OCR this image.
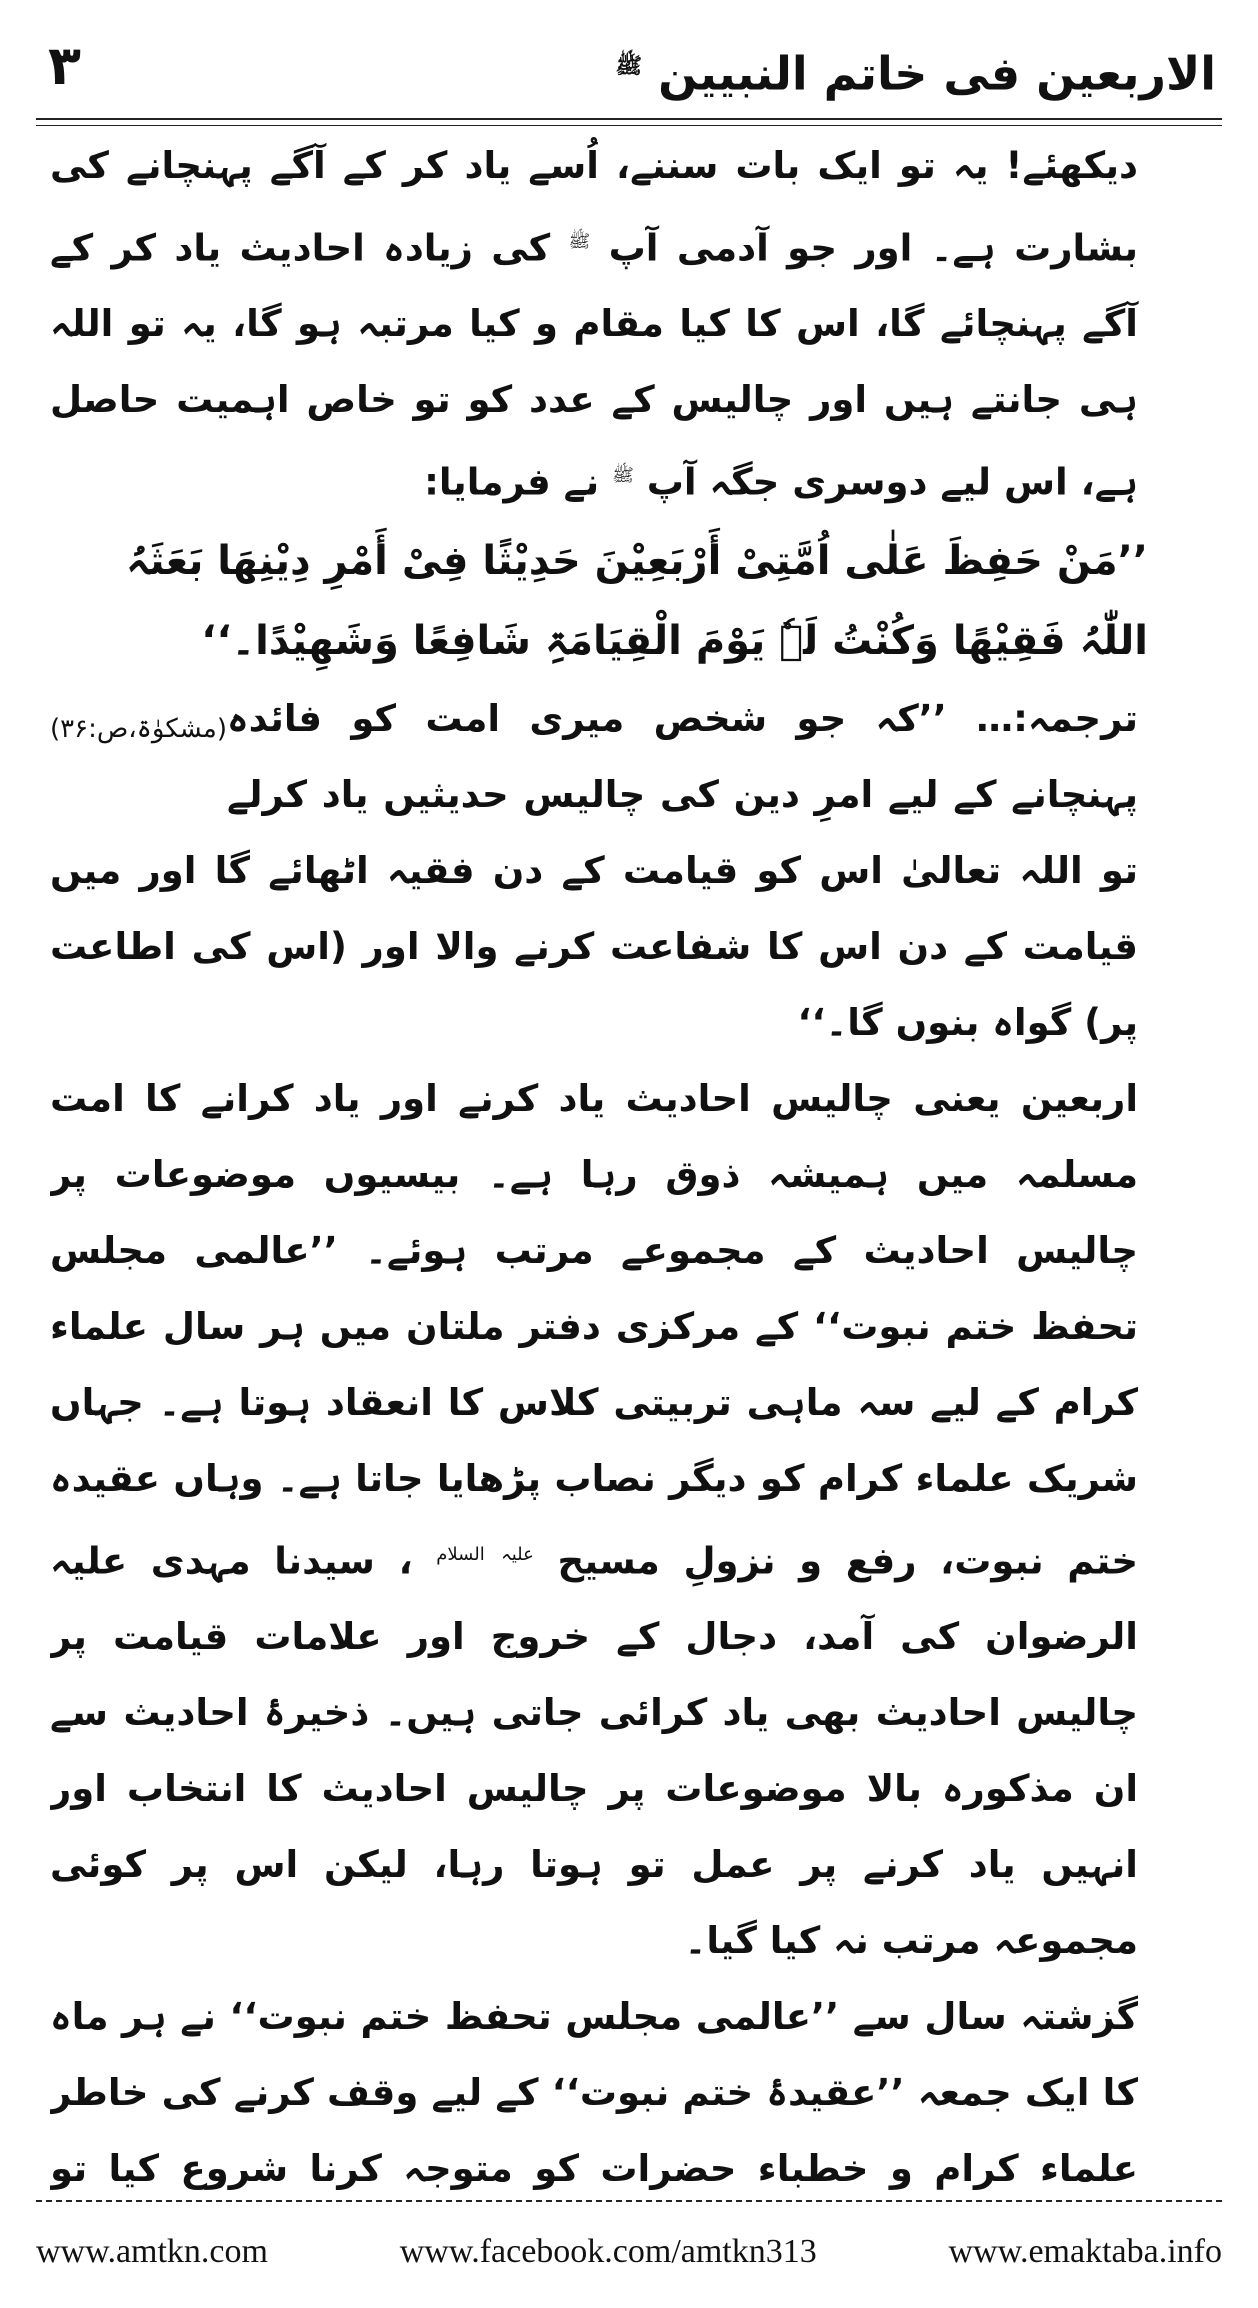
۳	الاربعین فی خاتم النبیین $^ﷺ$

دیکھئے! یہ تو ایک بات سننے، اُسے یاد کر کے آگے پہنچانے کی بشارت ہے۔ اور جو آدمی آپ $^ﷺ$ کی زیادہ احادیث یاد کر کے آگے پہنچائے گا، اس کا کیا مقام و کیا مرتبہ ہو گا، یہ تو اللہ ہی جانتے ہیں اور چالیس کے عدد کو تو خاص اہمیت حاصل ہے، اس لیے دوسری جگہ آپ $^ﷺ$ نے فرمایا:

’’مَنْ حَفِظَ عَلٰی اُمَّتِیْ أَرْبَعِیْنَ حَدِیْثًا فِیْ أَمْرِ دِیْنِھَا بَعَثَہُ اللّٰہُ فَقِیْھًا وَکُنْتُ لَہٗ یَوْمَ الْقِیَامَۃِ شَافِعًا وَشَھِیْدًا۔‘‘
(مشکوٰۃ،ص:۳۶) ترجمہ:… ’’کہ جو شخص میری امت کو فائدہ پہنچانے کے لیے امرِ دین کی چالیس حدیثیں یاد کرلے تو اللہ تعالیٰ اس کو قیامت کے دن فقیہ اٹھائے گا اور میں قیامت کے دن اس کا شفاعت کرنے والا اور (اس کی اطاعت پر) گواہ بنوں گا۔‘‘

اربعین یعنی چالیس احادیث یاد کرنے اور یاد کرانے کا امت مسلمہ میں ہمیشہ ذوق رہا ہے۔ بیسیوں موضوعات پر چالیس احادیث کے مجموعے مرتب ہوئے۔ ’’عالمی مجلس تحفظ ختم نبوت‘‘ کے مرکزی دفتر ملتان میں ہر سال علماء کرام کے لیے سہ ماہی تربیتی کلاس کا انعقاد ہوتا ہے۔ جہاں شریک علماء کرام کو دیگر نصاب پڑھایا جاتا ہے۔ وہاں عقیدہ ختم نبوت، رفع و نزولِ مسیح $^{علیہ السلام}$ ، سیدنا مہدی علیہ الرضوان کی آمد، دجال کے خروج اور علامات قیامت پر چالیس احادیث بھی یاد کرائی جاتی ہیں۔ ذخیرۂ احادیث سے ان مذکورہ بالا موضوعات پر چالیس احادیث کا انتخاب اور انہیں یاد کرنے پر عمل تو ہوتا رہا، لیکن اس پر کوئی مجموعہ مرتب نہ کیا گیا۔

گزشتہ سال سے ’’عالمی مجلس تحفظ ختم نبوت‘‘ نے ہر ماہ کا ایک جمعہ ’’عقیدۂ ختم نبوت‘‘ کے لیے وقف کرنے کی خاطر علماء کرام و خطباء حضرات کو متوجہ کرنا شروع کیا تو

www.amtkn.com	www.facebook.com/amtkn313	www.emaktaba.info
